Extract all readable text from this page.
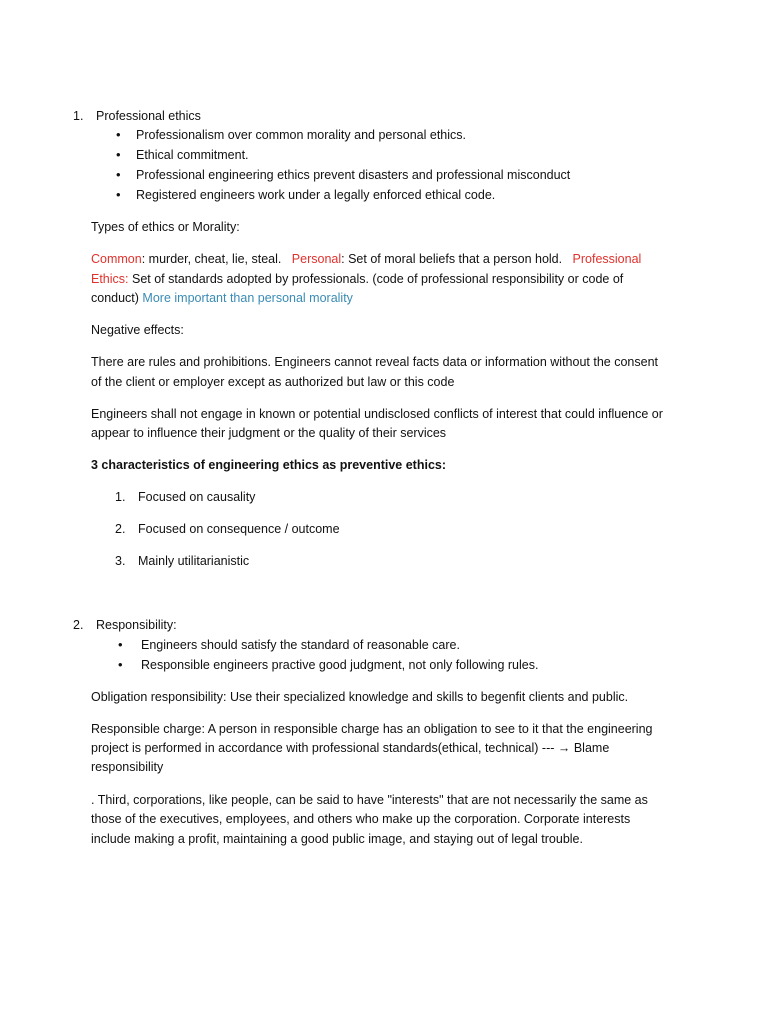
1. Professional ethics
• Professionalism over common morality and personal ethics.
• Ethical commitment.
• Professional engineering ethics prevent disasters and professional misconduct
• Registered engineers work under a legally enforced ethical code.
Types of ethics or Morality:
Common: murder, cheat, lie, steal. Personal: Set of moral beliefs that a person hold. Professional
Ethics: Set of standards adopted by professionals. (code of professional responsibility or code of
conduct) More important than personal morality
Negative effects:
There are rules and prohibitions. Engineers cannot reveal facts data or information without the consent
of the client or employer except as authorized but law or this code
Engineers shall not engage in known or potential undisclosed conflicts of interest that could influence or
appear to influence their judgment or the quality of their services
3 characteristics of engineering ethics as preventive ethics:
1. Focused on causality
2. Focused on consequence / outcome
3. Mainly utilitarianistic
2. Responsibility:
• Engineers should satisfy the standard of reasonable care.
• Responsible engineers practive good judgment, not only following rules.
Obligation responsibility: Use their specialized knowledge and skills to begenfit clients and public.
Responsible charge: A person in responsible charge has an obligation to see to it that the engineering
project is performed in accordance with professional standards(ethical, technical) --- → Blame
responsibility
. Third, corporations, like people, can be said to have "interests" that are not necessarily the same as
those of the executives, employees, and others who make up the corporation. Corporate interests
include making a profit, maintaining a good public image, and staying out of legal trouble.
